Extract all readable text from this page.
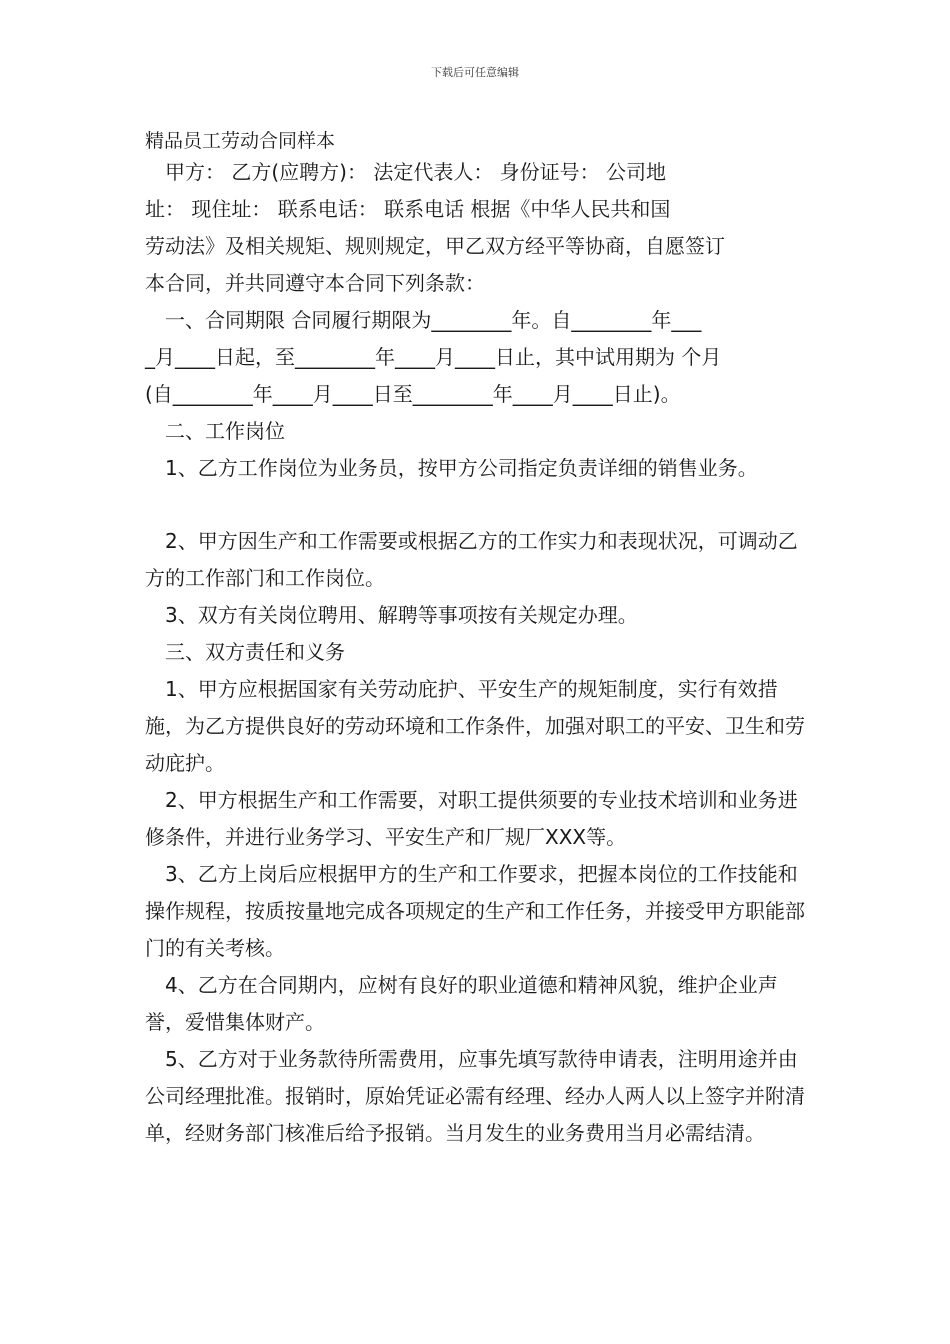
下载后可任意编辑
精品员工劳动合同样本

甲方： 乙方(应聘方)： 法定代表人： 身份证号： 公司地

址： 现住址： 联系电话： 联系电话 根据《中华人民共和国

劳动法》及相关规矩、规则规定，甲乙双方经平等协商，自愿签订

本合同，并共同遵守本合同下列条款：

一、合同期限 合同履行期限为________年。自________年___

_月____日起，至________年____月____日止，其中试用期为 个月

(自________年____月____日至________年____月____日止)。

二、工作岗位

1、乙方工作岗位为业务员，按甲方公司指定负责详细的销售业务。

2、甲方因生产和工作需要或根据乙方的工作实力和表现状况，可调动乙方的工作部门和工作岗位。

3、双方有关岗位聘用、解聘等事项按有关规定办理。

三、双方责任和义务

1、甲方应根据国家有关劳动庇护、平安生产的规矩制度，实行有效措施，为乙方提供良好的劳动环境和工作条件，加强对职工的平安、卫生和劳动庇护。

2、甲方根据生产和工作需要，对职工提供须要的专业技术培训和业务进修条件，并进行业务学习、平安生产和厂规厂XXX等。

3、乙方上岗后应根据甲方的生产和工作要求，把握本岗位的工作技能和操作规程，按质按量地完成各项规定的生产和工作任务，并接受甲方职能部门的有关考核。

4、乙方在合同期内，应树有良好的职业道德和精神风貌，维护企业声誉，爱惜集体财产。

5、乙方对于业务款待所需费用，应事先填写款待申请表，注明用途并由公司经理批准。报销时，原始凭证必需有经理、经办人两人以上签字并附清单，经财务部门核准后给予报销。当月发生的业务费用当月必需结清。
